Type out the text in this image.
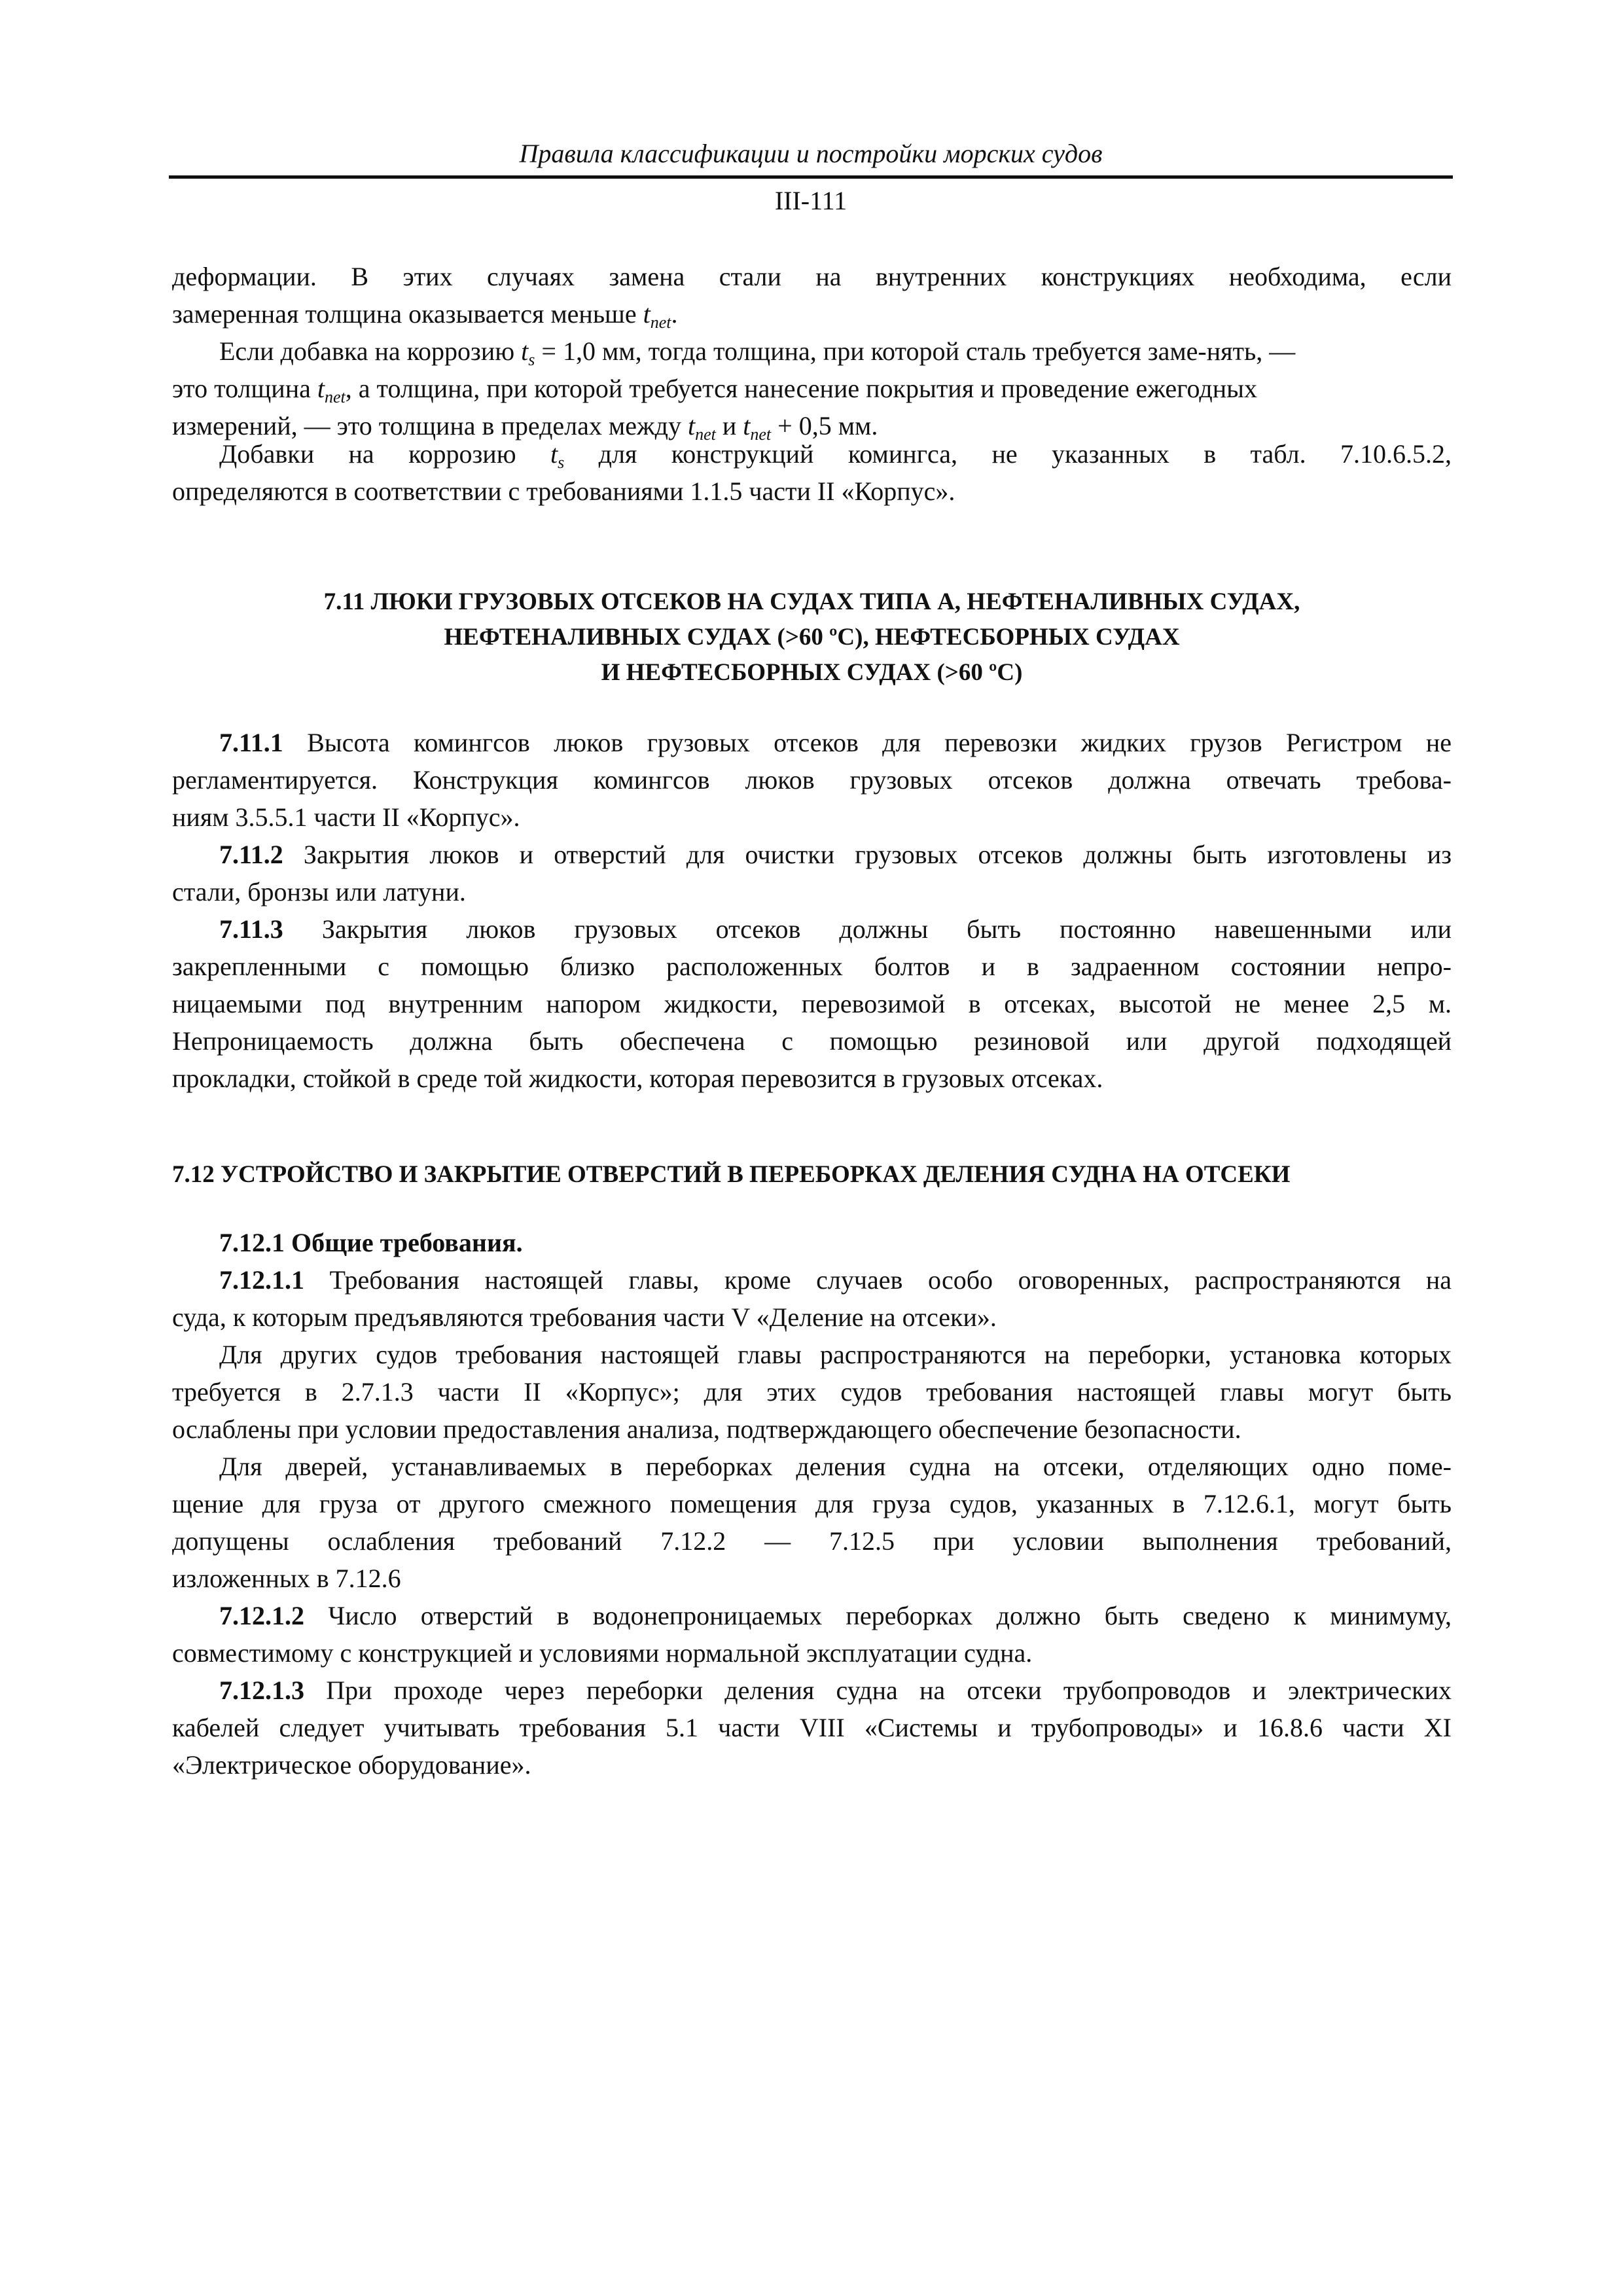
Правила классификации и постройки морских судов
III-111
деформации. В этих случаях замена стали на внутренних конструкциях необходима, если
замеренная толщина оказывается меньше $t_{net}$.
Если добавка на коррозию $t_s = 1,0$ мм, тогда толщина, при которой сталь требуется заме-нять, —
это толщина $t_{net}$, а толщина, при которой требуется нанесение покрытия и проведение ежегодных
измерений, — это толщина в пределах между $t_{net}$ и $t_{net} + 0,5$ мм.
Добавки на коррозию $t_s$ для конструкций комингса, не указанных в табл. 7.10.6.5.2,
определяются в соответствии с требованиями 1.1.5 части II «Корпус».
7.11 ЛЮКИ ГРУЗОВЫХ ОТСЕКОВ НА СУДАХ ТИПА А, НЕФТЕНАЛИВНЫХ СУДАХ,
НЕФТЕНАЛИВНЫХ СУДАХ (>60 ºC), НЕФТЕСБОРНЫХ СУДАХ
И НЕФТЕСБОРНЫХ СУДАХ (>60 ºC)
7.11.1 Высота комингсов люков грузовых отсеков для перевозки жидких грузов Регистром не
регламентируется. Конструкция комингсов люков грузовых отсеков должна отвечать требова-
ниям 3.5.5.1 части II «Корпус».
7.11.2 Закрытия люков и отверстий для очистки грузовых отсеков должны быть изготовлены из
стали, бронзы или латуни.
7.11.3 Закрытия люков грузовых отсеков должны быть постоянно навешенными или
закрепленными с помощью близко расположенных болтов и в задраенном состоянии непро-
ницаемыми под внутренним напором жидкости, перевозимой в отсеках, высотой не менее 2,5 м.
Непроницаемость должна быть обеспечена с помощью резиновой или другой подходящей
прокладки, стойкой в среде той жидкости, которая перевозится в грузовых отсеках.
7.12 УСТРОЙСТВО И ЗАКРЫТИЕ ОТВЕРСТИЙ В ПЕРЕБОРКАХ ДЕЛЕНИЯ СУДНА НА ОТСЕКИ
7.12.1 Общие требования.
7.12.1.1 Требования настоящей главы, кроме случаев особо оговоренных, распространяются на
суда, к которым предъявляются требования части V «Деление на отсеки».
Для других судов требования настоящей главы распространяются на переборки, установка которых
требуется в 2.7.1.3 части II «Корпус»; для этих судов требования настоящей главы могут быть
ослаблены при условии предоставления анализа, подтверждающего обеспечение безопасности.
Для дверей, устанавливаемых в переборках деления судна на отсеки, отделяющих одно поме-
щение для груза от другого смежного помещения для груза судов, указанных в 7.12.6.1, могут быть
допущены ослабления требований 7.12.2 — 7.12.5 при условии выполнения требований,
изложенных в 7.12.6
7.12.1.2 Число отверстий в водонепроницаемых переборках должно быть сведено к минимуму,
совместимому с конструкцией и условиями нормальной эксплуатации судна.
7.12.1.3 При проходе через переборки деления судна на отсеки трубопроводов и электрических
кабелей следует учитывать требования 5.1 части VIII «Системы и трубопроводы» и 16.8.6 части XI
«Электрическое оборудование».
